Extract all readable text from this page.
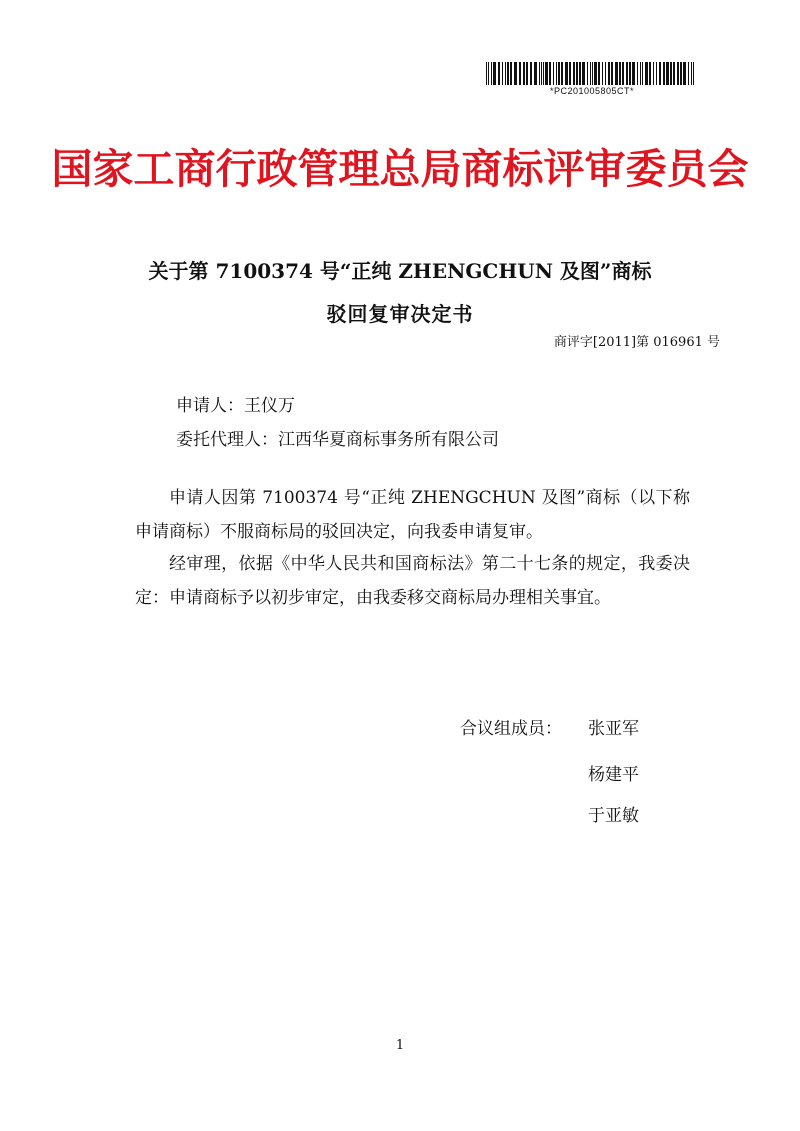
*PC201005805CT*
国家工商行政管理总局商标评审委员会
关于第 7100374 号“正纯 ZHENGCHUN 及图”商标
驳回复审决定书
商评字[2011]第 016961 号
申请人：王仪万
委托代理人：江西华夏商标事务所有限公司

申请人因第 7100374 号“正纯 ZHENGCHUN 及图”商标（以下称申请商标）不服商标局的驳回决定，向我委申请复审。

经审理，依据《中华人民共和国商标法》第二十七条的规定，我委决定：申请商标予以初步审定，由我委移交商标局办理相关事宜。

合议组成员： 张亚军
杨建平
于亚敏
1
